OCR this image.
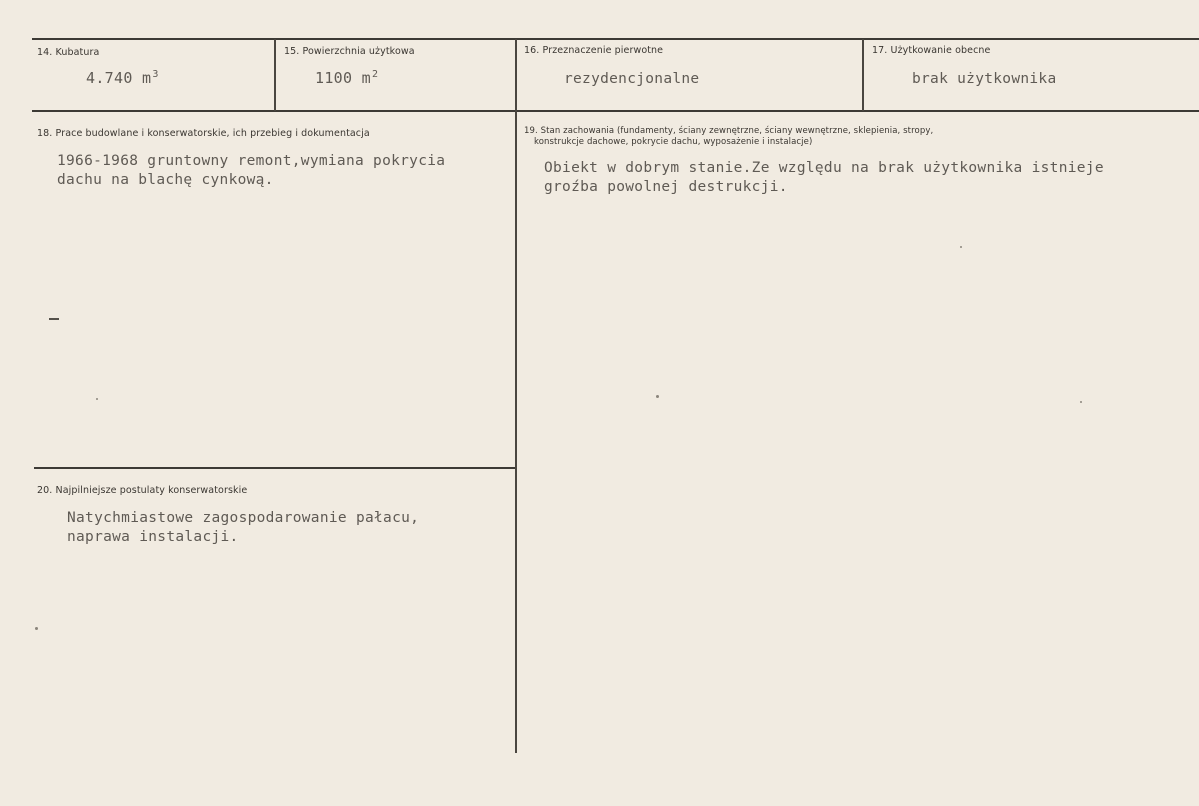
14. Kubatura
4.740 $m^3$
15. Powierzchnia użytkowa
1100 $m^2$
16. Przeznaczenie pierwotne
rezydencjonalne
17. Użytkowanie obecne
brak użytkownika
18. Prace budowlane i konserwatorskie, ich przebieg i dokumentacja
1966-1968 gruntowny remont,wymiana pokrycia
dachu na blachę cynkową.
19. Stan zachowania (fundamenty, ściany zewnętrzne, ściany wewnętrzne, sklepienia, stropy,
konstrukcje dachowe, pokrycie dachu, wyposażenie i instalacje)
Obiekt w dobrym stanie.Ze względu na brak użytkownika istnieje
groźba powolnej destrukcji.
20. Najpilniejsze postulaty konserwatorskie
Natychmiastowe zagospodarowanie pałacu,
naprawa instalacji.
